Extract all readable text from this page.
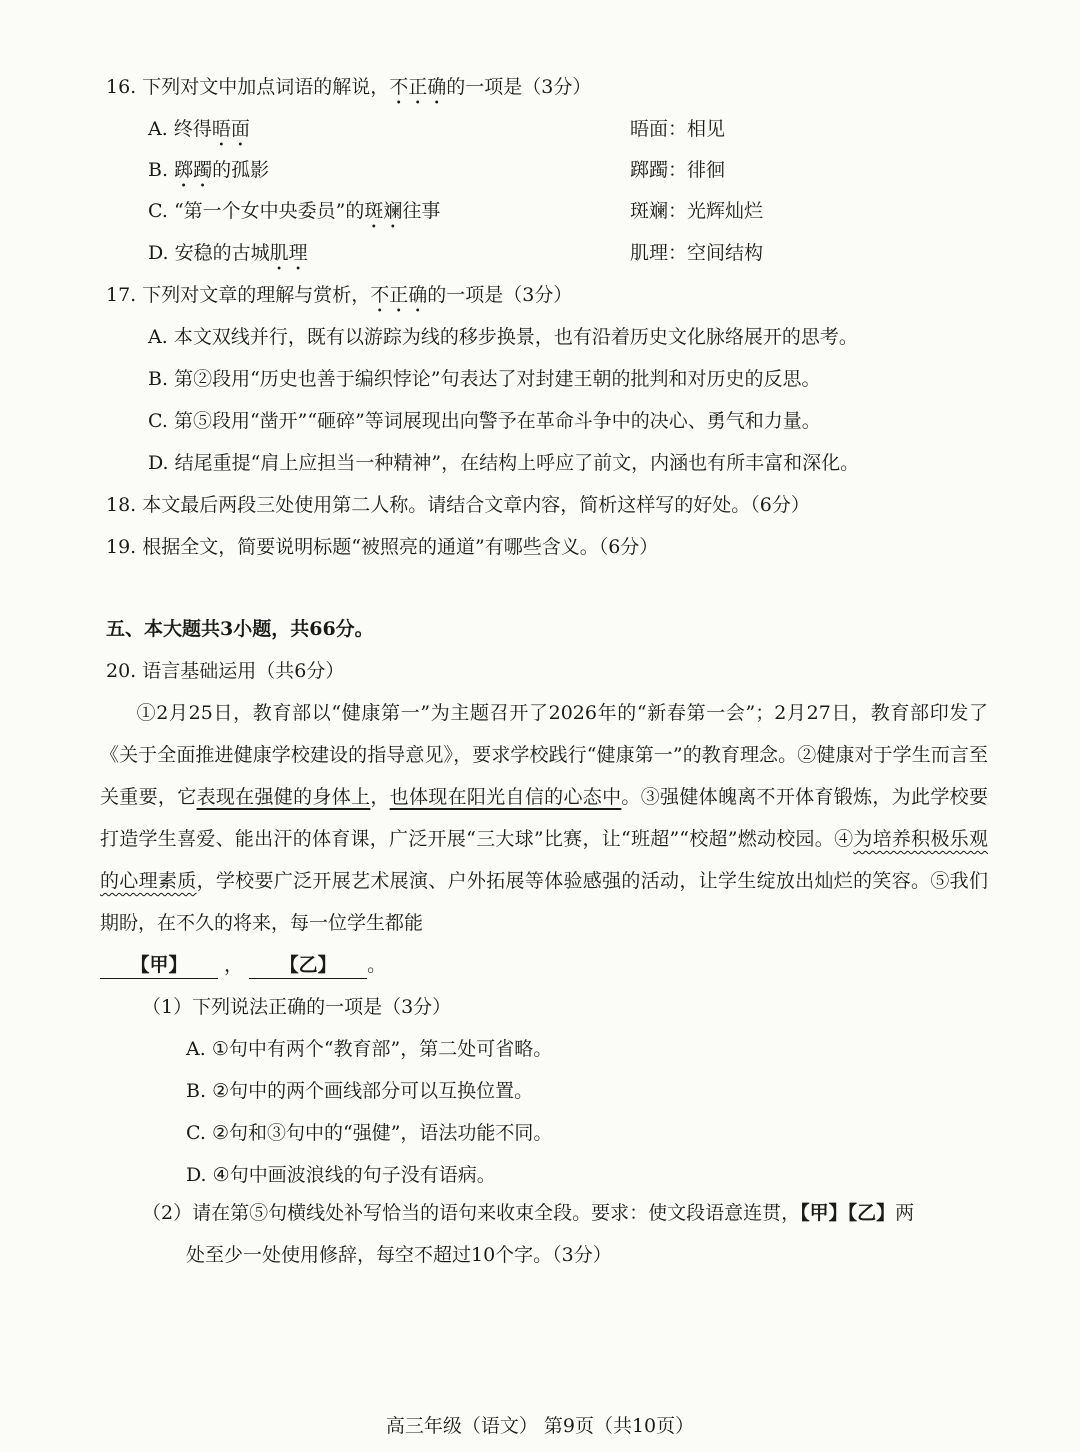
16. 下列对文中加点词语的解说，不正确的一项是（3分）
A. 终得晤面	晤面：相见
B. 踯躅的孤影	踯躅：徘徊
C. “第一个女中央委员”的斑斓往事	斑斓：光辉灿烂
D. 安稳的古城肌理	肌理：空间结构
17. 下列对文章的理解与赏析，不正确的一项是（3分）
A. 本文双线并行，既有以游踪为线的移步换景，也有沿着历史文化脉络展开的思考。
B. 第②段用“历史也善于编织悖论”句表达了对封建王朝的批判和对历史的反思。
C. 第⑤段用“凿开”“砸碎”等词展现出向警予在革命斗争中的决心、勇气和力量。
D. 结尾重提“肩上应担当一种精神”，在结构上呼应了前文，内涵也有所丰富和深化。
18. 本文最后两段三处使用第二人称。请结合文章内容，简析这样写的好处。（6分）
19. 根据全文，简要说明标题“被照亮的通道”有哪些含义。（6分）
五、本大题共3小题，共66分。
20. 语言基础运用（共6分）
①2月25日，教育部以“健康第一”为主题召开了2026年的“新春第一会”；2月27日，教育部印发了《关于全面推进健康学校建设的指导意见》，要求学校践行“健康第一”的教育理念。②健康对于学生而言至关重要，它表现在强健的身体上，也体现在阳光自信的心态中。③强健体魄离不开体育锻炼，为此学校要打造学生喜爱、能出汗的体育课，广泛开展“三大球”比赛，让“班超”“校超”燃动校园。④为培养积极乐观的心理素质，学校要广泛开展艺术展演、户外拓展等体验感强的活动，让学生绽放出灿烂的笑容。⑤我们期盼，在不久的将来，每一位学生都能
【甲】 ， 【乙】 。
（1）下列说法正确的一项是（3分）
A. ①句中有两个“教育部”，第二处可省略。
B. ②句中的两个画线部分可以互换位置。
C. ②句和③句中的“强健”，语法功能不同。
D. ④句中画波浪线的句子没有语病。
（2）请在第⑤句横线处补写恰当的语句来收束全段。要求：使文段语意连贯，【甲】【乙】两
处至少一处使用修辞，每空不超过10个字。（3分）
高三年级（语文） 第9页（共10页）
